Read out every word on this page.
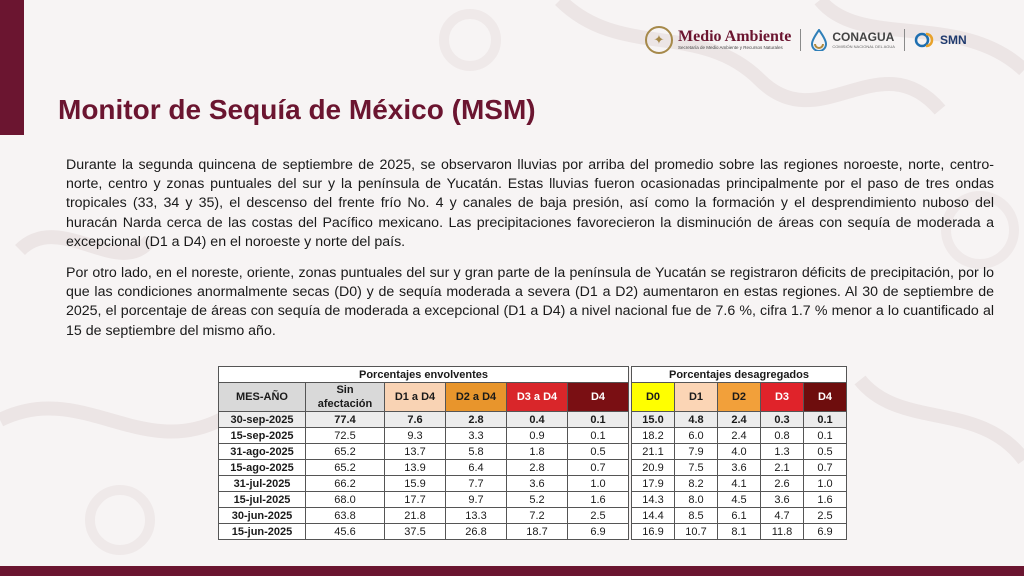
✦ Medio Ambiente
Secretaría de Medio Ambiente y Recursos Naturales
CONAGUA
COMISIÓN NACIONAL DEL AGUA	SMN
Monitor de Sequía de México (MSM)

Durante la segunda quincena de septiembre de 2025, se observaron lluvias por arriba del promedio sobre las regiones noroeste, norte, centro-norte, centro y zonas puntuales del sur y la península de Yucatán. Estas lluvias fueron ocasionadas principalmente por el paso de tres ondas tropicales (33, 34 y 35), el descenso del frente frío No. 4 y canales de baja presión, así como la formación y el desprendimiento nuboso del huracán Narda cerca de las costas del Pacífico mexicano. Las precipitaciones favorecieron la disminución de áreas con sequía de moderada a excepcional (D1 a D4) en el noroeste y norte del país.

Por otro lado, en el noreste, oriente, zonas puntuales del sur y gran parte de la península de Yucatán se registraron déficits de precipitación, por lo que las condiciones anormalmente secas (D0) y de sequía moderada a severa (D1 a D2) aumentaron en estas regiones. Al 30 de septiembre de 2025, el porcentaje de áreas con sequía de moderada a excepcional (D1 a D4) a nivel nacional fue de 7.6 %, cifra 1.7 % menor a lo cuantificado al 15 de septiembre del mismo año.

Porcentajes envolventes							Porcentajes desagregados				
MES-AÑO	Sin afectación	D1 a D4	D2 a D4	D3 a D4	D4		D0	D1	D2	D3	D4
30-sep-2025	77.4	7.6	2.8	0.4	0.1		15.0	4.8	2.4	0.3	0.1
15-sep-2025	72.5	9.3	3.3	0.9	0.1		18.2	6.0	2.4	0.8	0.1
31-ago-2025	65.2	13.7	5.8	1.8	0.5		21.1	7.9	4.0	1.3	0.5
15-ago-2025	65.2	13.9	6.4	2.8	0.7		20.9	7.5	3.6	2.1	0.7
31-jul-2025	66.2	15.9	7.7	3.6	1.0		17.9	8.2	4.1	2.6	1.0
15-jul-2025	68.0	17.7	9.7	5.2	1.6		14.3	8.0	4.5	3.6	1.6
30-jun-2025	63.8	21.8	13.3	7.2	2.5		14.4	8.5	6.1	4.7	2.5
15-jun-2025	45.6	37.5	26.8	18.7	6.9		16.9	10.7	8.1	11.8	6.9
